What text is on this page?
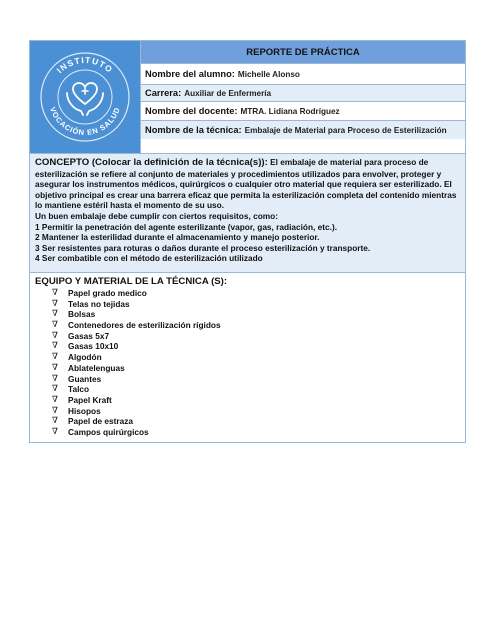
INSTITUTO
VOCACIÓN EN SALUD
REPORTE DE PRÁCTICA
Nombre del alumno: Michelle Alonso
Carrera: Auxiliar de Enfermería
Nombre del docente: MTRA. Lidiana Rodríguez
Nombre de la técnica: Embalaje de Material para Proceso de Esterilización
CONCEPTO (Colocar la definición de la técnica(s)): El embalaje de material para proceso de esterilización se refiere al conjunto de materiales y procedimientos utilizados para envolver, proteger y asegurar los instrumentos médicos, quirúrgicos o cualquier otro material que requiera ser esterilizado. El objetivo principal es crear una barrera eficaz que permita la esterilización completa del contenido mientras lo mantiene estéril hasta el momento de su uso.
Un buen embalaje debe cumplir con ciertos requisitos, como:
1 Permitir la penetración del agente esterilizante (vapor, gas, radiación, etc.).
2 Mantener la esterilidad durante el almacenamiento y manejo posterior.
3 Ser resistentes para roturas o daños durante el proceso esterilización y transporte.
4 Ser combatible con el método de esterilización utilizado
EQUIPO Y MATERIAL DE LA TÉCNICA (S):
∇	Papel grado medico
∇	Telas no tejidas
∇	Bolsas
∇	Contenedores de esterilización rígidos
∇	Gasas 5x7
∇	Gasas 10x10
∇	Algodón
∇	Ablatelenguas
∇	Guantes
∇	Talco
∇	Papel Kraft
∇	Hisopos
∇	Papel de estraza
∇	Campos quirúrgicos
